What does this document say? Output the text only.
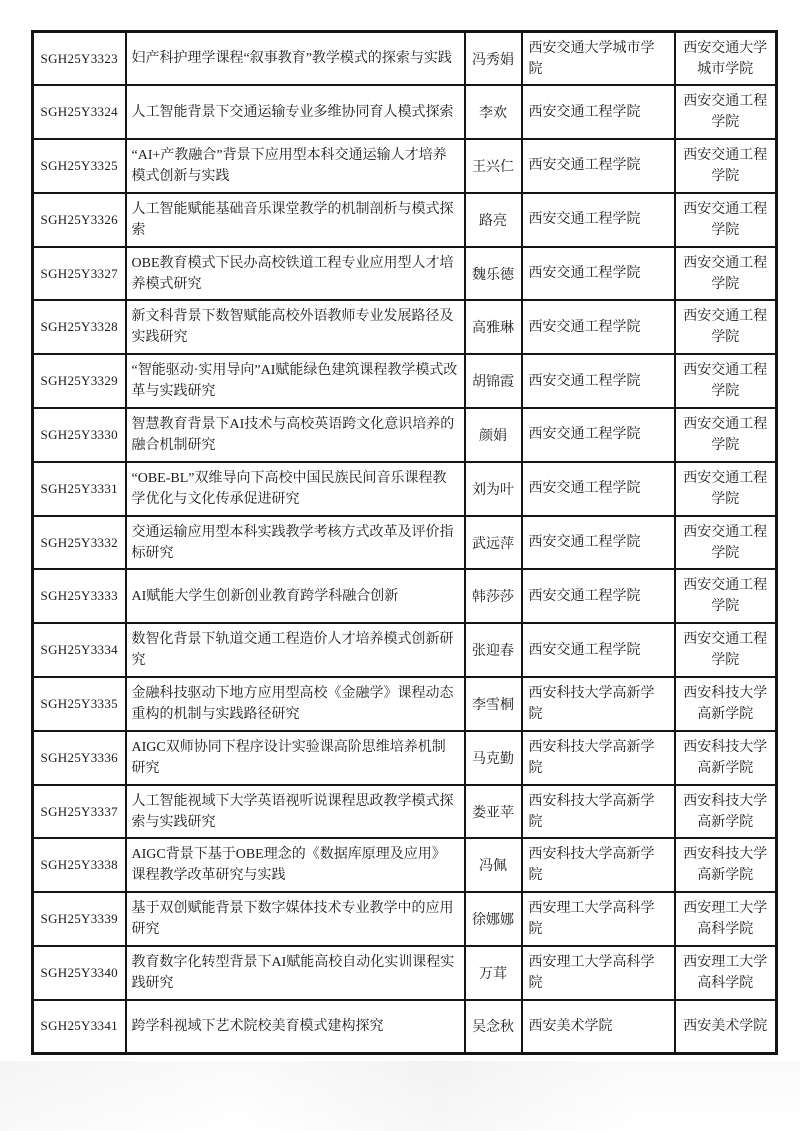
SGH25Y3323	妇产科护理学课程“叙事教育”教学模式的探索与实践	冯秀娟	西安交通大学城市学院	西安交通大学城市学院
SGH25Y3324	人工智能背景下交通运输专业多维协同育人模式探索	李欢	西安交通工程学院	西安交通工程学院
SGH25Y3325	“AI+产教融合”背景下应用型本科交通运输人才培养模式创新与实践	王兴仁	西安交通工程学院	西安交通工程学院
SGH25Y3326	人工智能赋能基础音乐课堂教学的机制剖析与模式探索	路亮	西安交通工程学院	西安交通工程学院
SGH25Y3327	OBE教育模式下民办高校铁道工程专业应用型人才培养模式研究	魏乐德	西安交通工程学院	西安交通工程学院
SGH25Y3328	新文科背景下数智赋能高校外语教师专业发展路径及实践研究	高雅琳	西安交通工程学院	西安交通工程学院
SGH25Y3329	“智能驱动·实用导向”AI赋能绿色建筑课程教学模式改革与实践研究	胡锦霞	西安交通工程学院	西安交通工程学院
SGH25Y3330	智慧教育背景下AI技术与高校英语跨文化意识培养的融合机制研究	颜娟	西安交通工程学院	西安交通工程学院
SGH25Y3331	“OBE-BL”双维导向下高校中国民族民间音乐课程教学优化与文化传承促进研究	刘为叶	西安交通工程学院	西安交通工程学院
SGH25Y3332	交通运输应用型本科实践教学考核方式改革及评价指标研究	武远萍	西安交通工程学院	西安交通工程学院
SGH25Y3333	AI赋能大学生创新创业教育跨学科融合创新	韩莎莎	西安交通工程学院	西安交通工程学院
SGH25Y3334	数智化背景下轨道交通工程造价人才培养模式创新研究	张迎春	西安交通工程学院	西安交通工程学院
SGH25Y3335	金融科技驱动下地方应用型高校《金融学》课程动态重构的机制与实践路径研究	李雪桐	西安科技大学高新学院	西安科技大学高新学院
SGH25Y3336	AIGC双师协同下程序设计实验课高阶思维培养机制研究	马克勤	西安科技大学高新学院	西安科技大学高新学院
SGH25Y3337	人工智能视域下大学英语视听说课程思政教学模式探索与实践研究	娄亚苹	西安科技大学高新学院	西安科技大学高新学院
SGH25Y3338	AIGC背景下基于OBE理念的《数据库原理及应用》课程教学改革研究与实践	冯佩	西安科技大学高新学院	西安科技大学高新学院
SGH25Y3339	基于双创赋能背景下数字媒体技术专业教学中的应用研究	徐娜娜	西安理工大学高科学院	西安理工大学高科学院
SGH25Y3340	教育数字化转型背景下AI赋能高校自动化实训课程实践研究	万茸	西安理工大学高科学院	西安理工大学高科学院
SGH25Y3341	跨学科视域下艺术院校美育模式建构探究	吴念秋	西安美术学院	西安美术学院
